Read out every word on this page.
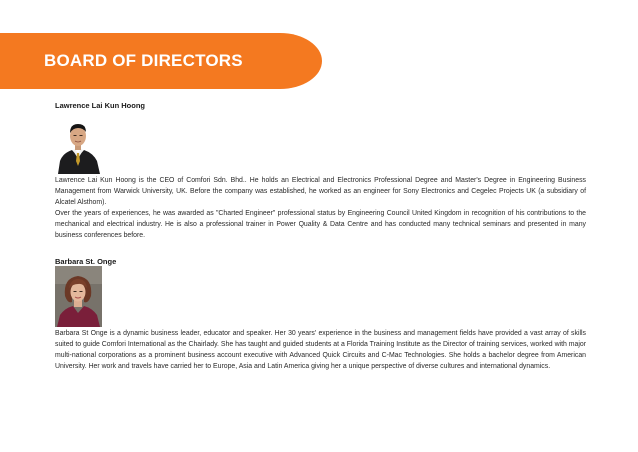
BOARD OF DIRECTORS
Lawrence Lai Kun Hoong

Lawrence Lai Kun Hoong is the CEO of Comfori Sdn. Bhd.. He holds an Electrical and Electronics Professional Degree and Master's Degree in Engineering Business Management from Warwick University, UK. Before the company was established, he worked as an engineer for Sony Electronics and Cegelec Projects UK (a subsidiary of Alcatel Alsthom).

Over the years of experiences, he was awarded as "Charted Engineer" professional status by Engineering Council United Kingdom in recognition of his contributions to the mechanical and electrical industry. He is also a professional trainer in Power Quality & Data Centre and has conducted many technical seminars and presented in many business conferences before.

Barbara St. Onge

Barbara St Onge is a dynamic business leader, educator and speaker. Her 30 years' experience in the business and management fields have provided a vast array of skills suited to guide Comfori International as the Chairlady. She has taught and guided students at a Florida Training Institute as the Director of training services, worked with major multi-national corporations as a prominent business account executive with Advanced Quick Circuits and C-Mac Technologies. She holds a bachelor degree from American University. Her work and travels have carried her to Europe, Asia and Latin America giving her a unique perspective of diverse cultures and international dynamics.
